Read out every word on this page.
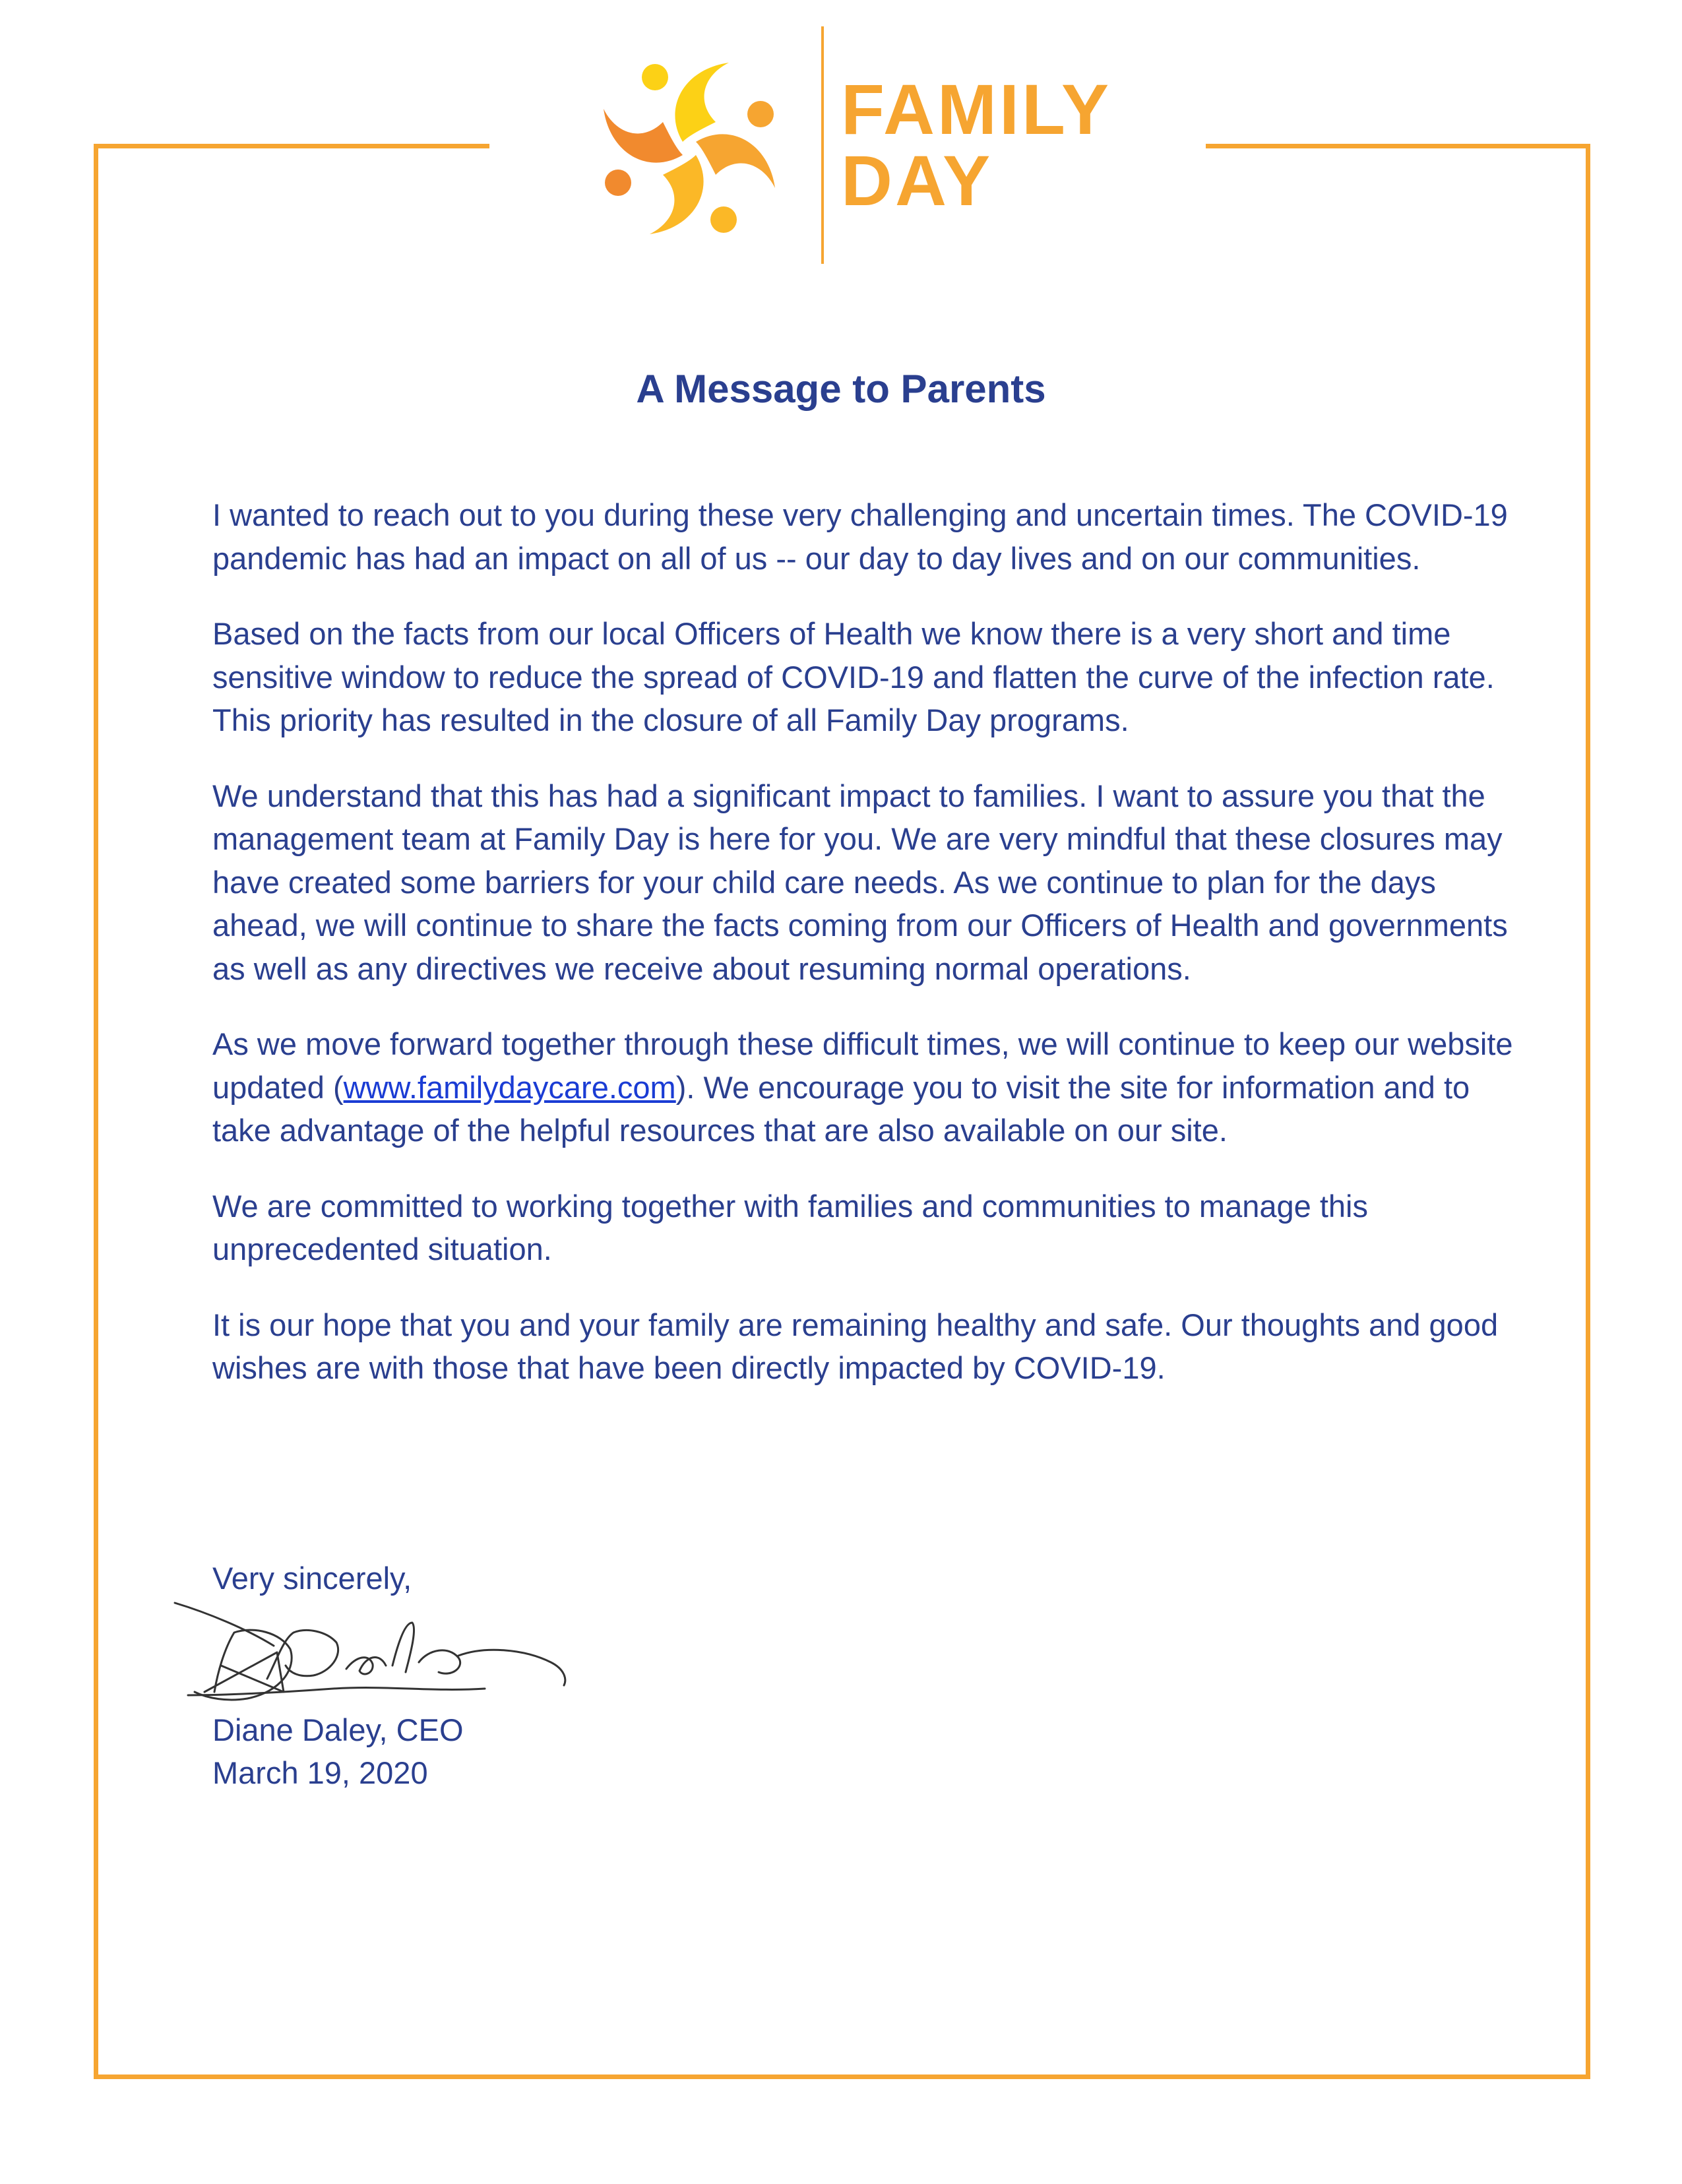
FAMILY
DAY
A Message to Parents

I wanted to reach out to you during these very challenging and uncertain times. The COVID-19 pandemic has had an impact on all of us -- our day to day lives and on our communities.

Based on the facts from our local Officers of Health we know there is a very short and time sensitive window to reduce the spread of COVID-19 and flatten the curve of the infection rate. This priority has resulted in the closure of all Family Day programs.

We understand that this has had a significant impact to families. I want to assure you that the management team at Family Day is here for you. We are very mindful that these closures may have created some barriers for your child care needs. As we continue to plan for the days ahead, we will continue to share the facts coming from our Officers of Health and governments as well as any directives we receive about resuming normal operations.

As we move forward together through these difficult times, we will continue to keep our website updated (www.familydaycare.com). We encourage you to visit the site for information and to take advantage of the helpful resources that are also available on our site.

We are committed to working together with families and communities to manage this unprecedented situation.

It is our hope that you and your family are remaining healthy and safe. Our thoughts and good wishes are with those that have been directly impacted by COVID-19.

Very sincerely,
Diane Daley, CEO
March 19, 2020
